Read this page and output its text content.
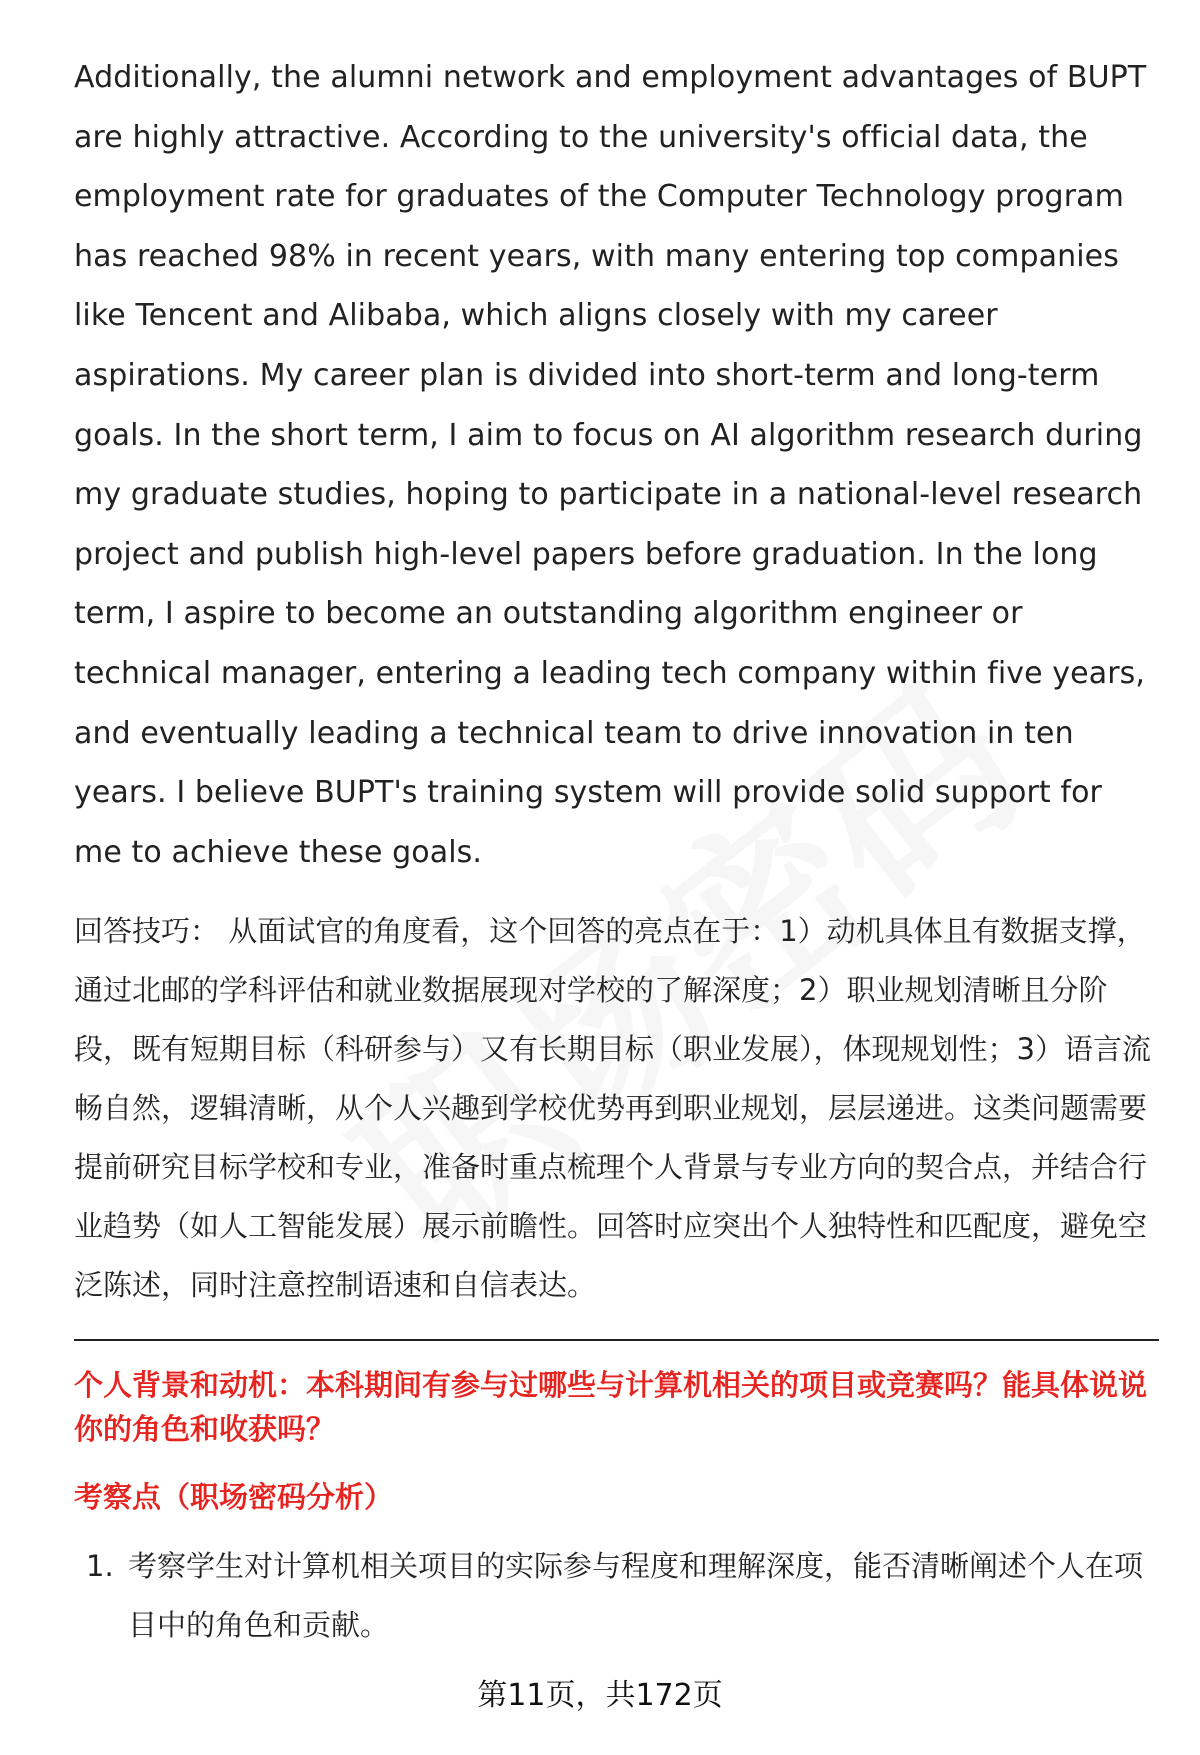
Additionally, the alumni network and employment advantages of BUPT are highly attractive. According to the university's official data, the employment rate for graduates of the Computer Technology program has reached 98% in recent years, with many entering top companies like Tencent and Alibaba, which aligns closely with my career aspirations. My career plan is divided into short-term and long-term goals. In the short term, I aim to focus on AI algorithm research during my graduate studies, hoping to participate in a national-level research project and publish high-level papers before graduation. In the long term, I aspire to become an outstanding algorithm engineer or technical manager, entering a leading tech company within five years, and eventually leading a technical team to drive innovation in ten years. I believe BUPT's training system will provide solid support for me to achieve these goals.

回答技巧： 从面试官的角度看，这个回答的亮点在于：1）动机具体且有数据支撑，通过北邮的学科评估和就业数据展现对学校的了解深度；2）职业规划清晰且分阶段，既有短期目标（科研参与）又有长期目标（职业发展），体现规划性；3）语言流畅自然，逻辑清晰，从个人兴趣到学校优势再到职业规划，层层递进。这类问题需要提前研究目标学校和专业，准备时重点梳理个人背景与专业方向的契合点，并结合行业趋势（如人工智能发展）展示前瞻性。回答时应突出个人独特性和匹配度，避免空泛陈述，同时注意控制语速和自信表达。

个人背景和动机：本科期间有参与过哪些与计算机相关的项目或竞赛吗？能具体说说你的角色和收获吗？
考察点（职场密码分析）
1. 考察学生对计算机相关项目的实际参与程度和理解深度，能否清晰阐述个人在项目中的角色和贡献。
第11页，共172页
